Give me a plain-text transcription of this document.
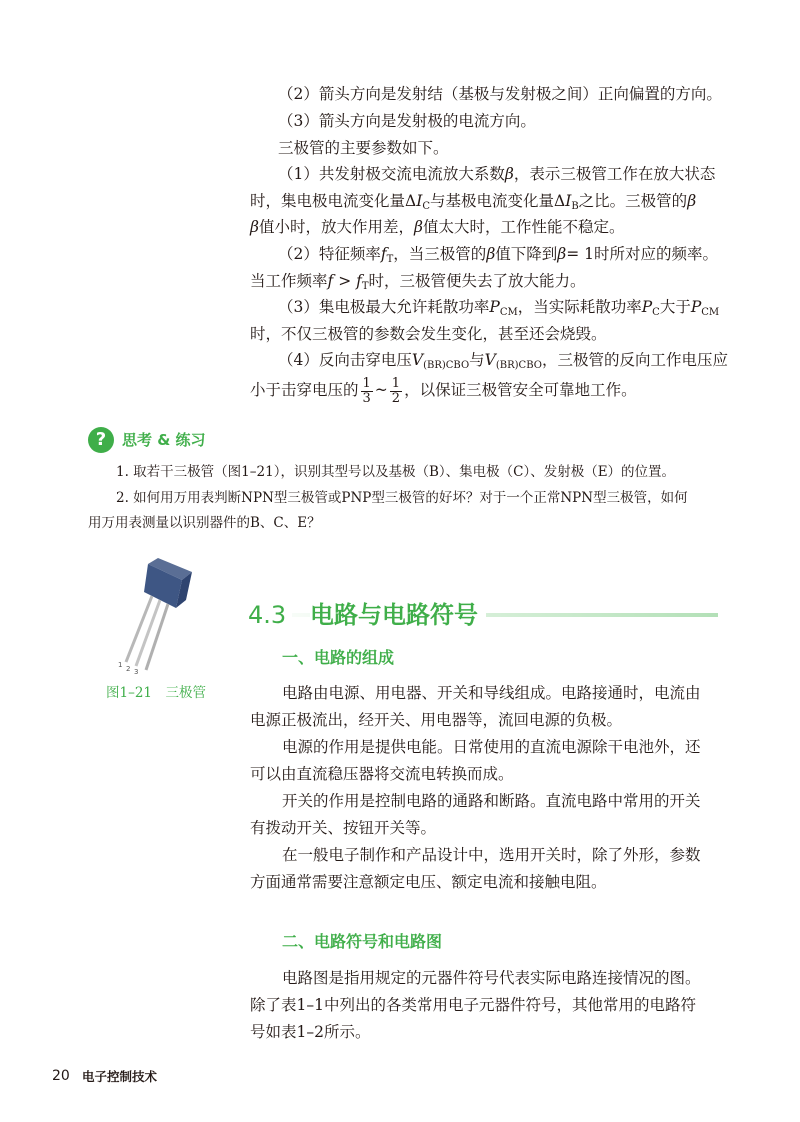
（2）箭头方向是发射结（基极与发射极之间）正向偏置的方向。
（3）箭头方向是发射极的电流方向。
三极管的主要参数如下。
（1）共发射极交流电流放大系数β，表示三极管工作在放大状态
时，集电极电流变化量$\Delta I_C$与基极电流变化量$\Delta I_B$之比。三极管的β
β值小时，放大作用差，β值太大时，工作性能不稳定。
（2）特征频率$f_T$，当三极管的β值下降到β= 1时所对应的频率。
当工作频率$f > f_T$时，三极管便失去了放大能力。
（3）集电极最大允许耗散功率$P_{CM}$，当实际耗散功率$P_C$大于$P_{CM}$
时，不仅三极管的参数会发生变化，甚至还会烧毁。
（4）反向击穿电压$V_{(BR)CBO}$与$V_{(BR)CBO}$，三极管的反向工作电压应
小于击穿电压的 $\frac{1}{3}$ ~ $\frac{1}{2}$ ，以保证三极管安全可靠地工作。
?	思考 & 练习
1. 取若干三极管（图1–21），识别其型号以及基极（B）、集电极（C）、发射极（E）的位置。
2. 如何用万用表判断NPN型三极管或PNP型三极管的好坏？对于一个正常NPN型三极管，如何
用万用表测量以识别器件的B、C、E？
1 2 3
图1–21　三极管
4.3 电路与电路符号
一、电路的组成
电路由电源、用电器、开关和导线组成。电路接通时，电流由
电源正极流出，经开关、用电器等，流回电源的负极。
电源的作用是提供电能。日常使用的直流电源除干电池外，还
可以由直流稳压器将交流电转换而成。
开关的作用是控制电路的通路和断路。直流电路中常用的开关
有拨动开关、按钮开关等。
在一般电子制作和产品设计中，选用开关时，除了外形，参数
方面通常需要注意额定电压、额定电流和接触电阻。
二、电路符号和电路图
电路图是指用规定的元器件符号代表实际电路连接情况的图。
除了表1–1中列出的各类常用电子元器件符号，其他常用的电路符
号如表1–2所示。
20 电子控制技术
